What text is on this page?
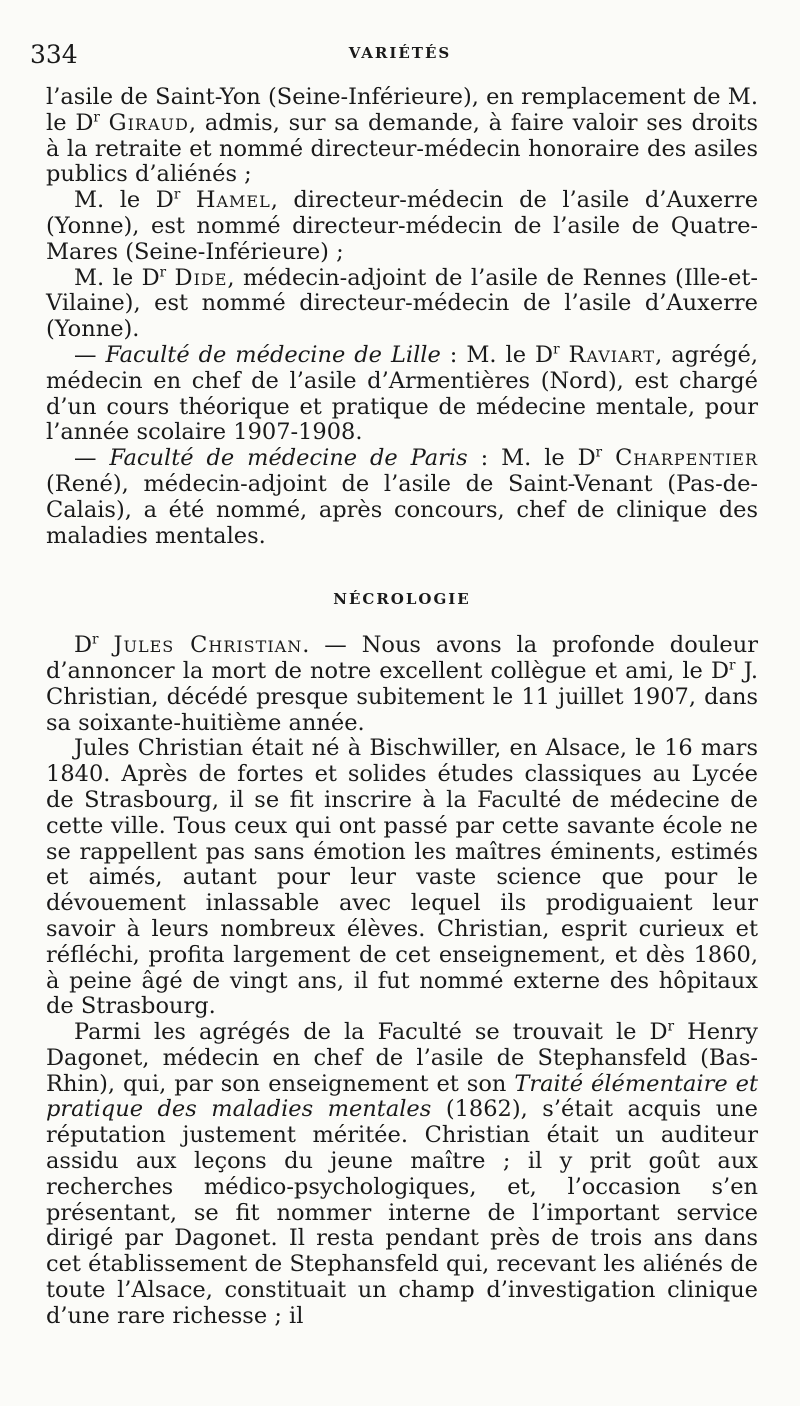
334	VARIÉTÉS

l’asile de Saint-Yon (Seine-Inférieure), en remplacement de M. le $D^r$ Giraud, admis, sur sa demande, à faire valoir ses droits à la retraite et nommé directeur-médecin honoraire des asiles publics d’aliénés ;

M. le $D^r$ Hamel, directeur-médecin de l’asile d’Auxerre (Yonne), est nommé directeur-médecin de l’asile de Quatre-Mares (Seine-Inférieure) ;

M. le $D^r$ Dide, médecin-adjoint de l’asile de Rennes (Ille-et-Vilaine), est nommé directeur-médecin de l’asile d’Auxerre (Yonne).

— Faculté de médecine de Lille : M. le $D^r$ Raviart, agrégé, médecin en chef de l’asile d’Armentières (Nord), est chargé d’un cours théorique et pratique de médecine mentale, pour l’année scolaire 1907-1908.

— Faculté de médecine de Paris : M. le $D^r$ Charpentier (René), médecin-adjoint de l’asile de Saint-Venant (Pas-de-Calais), a été nommé, après concours, chef de clinique des maladies mentales.

NÉCROLOGIE

$D^r$ Jules Christian. — Nous avons la profonde douleur d’annoncer la mort de notre excellent collègue et ami, le $D^r$ J. Christian, décédé presque subitement le 11 juillet 1907, dans sa soixante-huitième année.

Jules Christian était né à Bischwiller, en Alsace, le 16 mars 1840. Après de fortes et solides études classiques au Lycée de Strasbourg, il se fit inscrire à la Faculté de médecine de cette ville. Tous ceux qui ont passé par cette savante école ne se rappellent pas sans émotion les maîtres éminents, estimés et aimés, autant pour leur vaste science que pour le dévouement inlassable avec lequel ils prodiguaient leur savoir à leurs nombreux élèves. Christian, esprit curieux et réfléchi, profita largement de cet enseignement, et dès 1860, à peine âgé de vingt ans, il fut nommé externe des hôpitaux de Strasbourg.

Parmi les agrégés de la Faculté se trouvait le $D^r$ Henry Dagonet, médecin en chef de l’asile de Stephansfeld (Bas-Rhin), qui, par son enseignement et son Traité élémentaire et pratique des maladies mentales (1862), s’était acquis une réputation justement méritée. Christian était un auditeur assidu aux leçons du jeune maître ; il y prit goût aux recherches médico-psychologiques, et, l’occasion s’en présentant, se fit nommer interne de l’important service dirigé par Dagonet. Il resta pendant près de trois ans dans cet établissement de Stephansfeld qui, recevant les aliénés de toute l’Alsace, constituait un champ d’investigation clinique d’une rare richesse ; il
